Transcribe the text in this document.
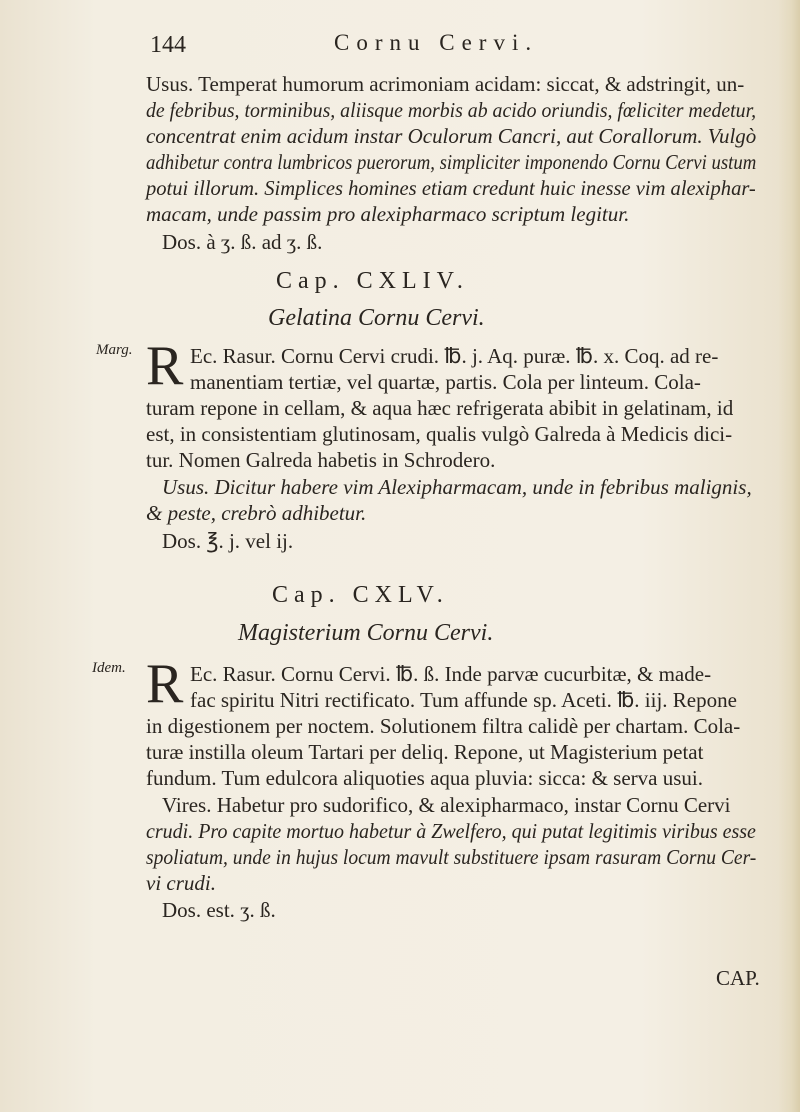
144	Cornu Cervi.
Usus. Temperat humorum acrimoniam acidam: siccat, & adstringit, un-
de febribus, torminibus, aliisque morbis ab acido oriundis, fœliciter medetur,
concentrat enim acidum instar Oculorum Cancri, aut Corallorum. Vulgò
adhibetur contra lumbricos puerorum, simpliciter imponendo Cornu Cervi ustum
potui illorum. Simplices homines etiam credunt huic inesse vim alexiphar-
macam, unde passim pro alexipharmaco scriptum legitur.
Dos. à ʒ. ß. ad ʒ. ß.
Cap. CXLIV.
Gelatina Cornu Cervi.
Marg. R Ec. Rasur. Cornu Cervi crudi. ℔. j. Aq. puræ. ℔. x. Coq. ad re-
manentiam tertiæ, vel quartæ, partis. Cola per linteum. Cola-
turam repone in cellam, & aqua hæc refrigerata abibit in gelatinam, id
est, in consistentiam glutinosam, qualis vulgò Galreda à Medicis dici-
tur. Nomen Galreda habetis in Schrodero.
Usus. Dicitur habere vim Alexipharmacam, unde in febribus malignis,
& peste, crebrò adhibetur.
Dos. ℥. j. vel ij.
Cap. CXLV.
Magisterium Cornu Cervi.
Idem. R Ec. Rasur. Cornu Cervi. ℔. ß. Inde parvæ cucurbitæ, & made-
fac spiritu Nitri rectificato. Tum affunde sp. Aceti. ℔. iij. Repone
in digestionem per noctem. Solutionem filtra calidè per chartam. Cola-
turæ instilla oleum Tartari per deliq. Repone, ut Magisterium petat
fundum. Tum edulcora aliquoties aqua pluvia: sicca: & serva usui.
Vires. Habetur pro sudorifico, & alexipharmaco, instar Cornu Cervi
crudi. Pro capite mortuo habetur à Zwelfero, qui putat legitimis viribus esse
spoliatum, unde in hujus locum mavult substituere ipsam rasuram Cornu Cer-
vi crudi.
Dos. est. ʒ. ß.
CAP.
